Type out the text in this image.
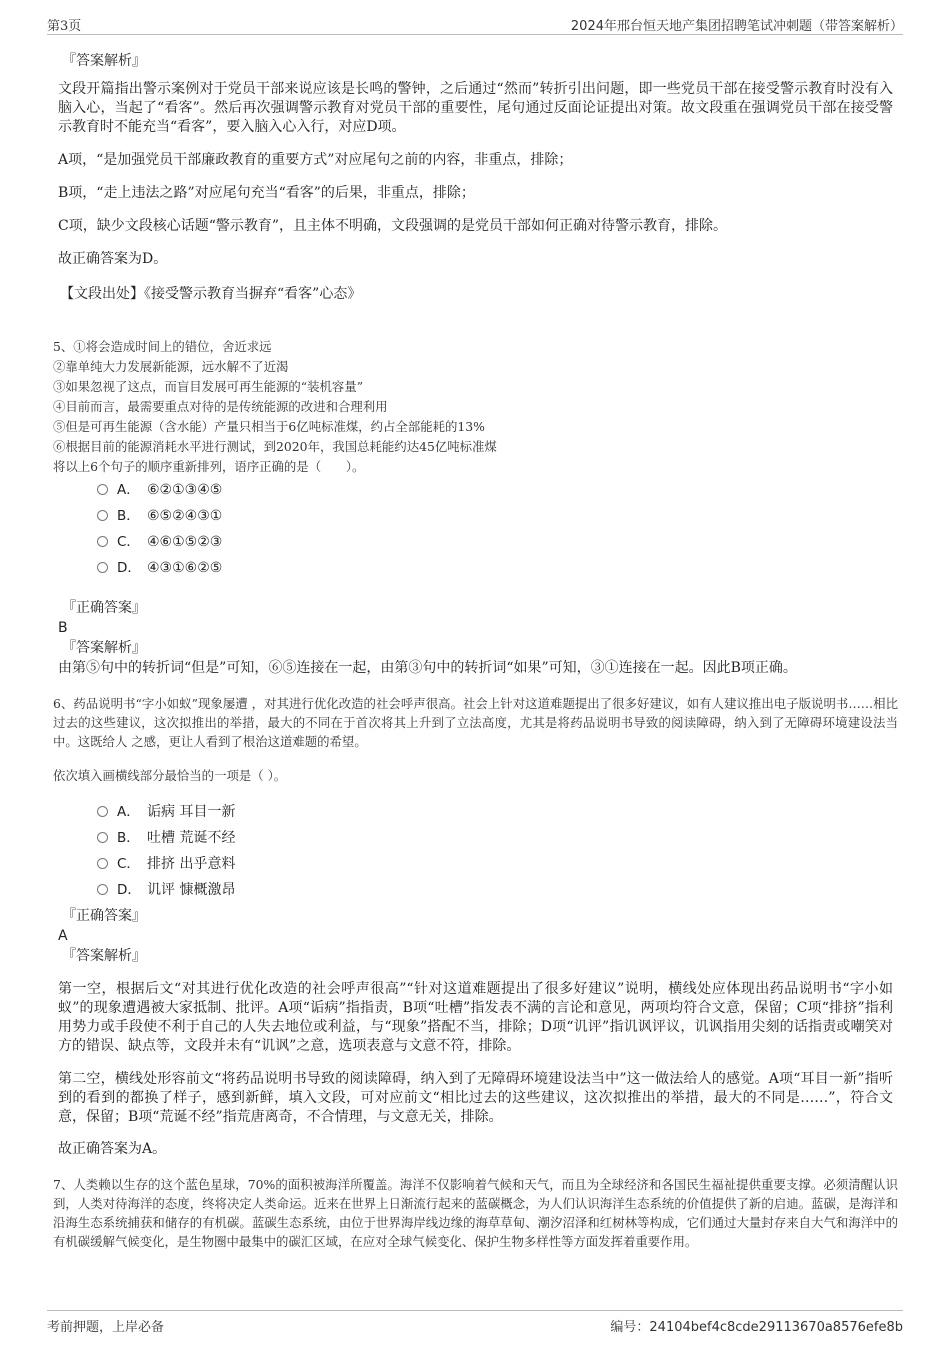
第3页	2024年邢台恒天地产集团招聘笔试冲刺题（带答案解析）

『答案解析』

文段开篇指出警示案例对于党员干部来说应该是长鸣的警钟，之后通过“然而”转折引出问题，即一些党员干部在接受警示教育时没有入脑入心，当起了“看客”。然后再次强调警示教育对党员干部的重要性，尾句通过反面论证提出对策。故文段重在强调党员干部在接受警示教育时不能充当“看客”，要入脑入心入行，对应D项。

A项，“是加强党员干部廉政教育的重要方式”对应尾句之前的内容，非重点，排除；

B项，“走上违法之路”对应尾句充当“看客”的后果，非重点，排除；

C项，缺少文段核心话题“警示教育”，且主体不明确，文段强调的是党员干部如何正确对待警示教育，排除。

故正确答案为D。

【文段出处】《接受警示教育当摒弃“看客”心态》

5、①将会造成时间上的错位，舍近求远

②靠单纯大力发展新能源，远水解不了近渴

③如果忽视了这点，而盲目发展可再生能源的“装机容量”

④目前而言，最需要重点对待的是传统能源的改进和合理利用

⑤但是可再生能源（含水能）产量只相当于6亿吨标准煤，约占全部能耗的13%

⑥根据目前的能源消耗水平进行测试，到2020年，我国总耗能约达45亿吨标准煤

将以上6个句子的顺序重新排列，语序正确的是（　　）。

A． ⑥②①③④⑤
B． ⑥⑤②④③①
C． ④⑥①⑤②③
D． ④③①⑥②⑤

『正确答案』

B

『答案解析』

由第⑤句中的转折词“但是”可知，⑥⑤连接在一起，由第③句中的转折词“如果”可知，③①连接在一起。因此B项正确。

6、药品说明书“字小如蚁”现象屡遭 ，对其进行优化改造的社会呼声很高。社会上针对这道难题提出了很多好建议，如有人建议推出电子版说明书……相比过去的这些建议，这次拟推出的举措，最大的不同在于首次将其上升到了立法高度，尤其是将药品说明书导致的阅读障碍，纳入到了无障碍环境建设法当中。这既给人 之感，更让人看到了根治这道难题的希望。

依次填入画横线部分最恰当的一项是（ ）。

A． 诟病 耳目一新
B． 吐槽 荒诞不经
C． 排挤 出乎意料
D． 讥评 慷概激昂

『正确答案』

A

『答案解析』

第一空，根据后文“对其进行优化改造的社会呼声很高”“针对这道难题提出了很多好建议”说明，横线处应体现出药品说明书“字小如蚁”的现象遭遇被大家抵制、批评。A项“诟病”指指责，B项“吐槽”指发表不满的言论和意见，两项均符合文意，保留；C项“排挤”指利用势力或手段使不利于自己的人失去地位或利益，与“现象”搭配不当，排除；D项“讥评”指讥讽评议，讥讽指用尖刻的话指责或嘲笑对方的错误、缺点等，文段并未有“讥讽”之意，选项表意与文意不符，排除。

第二空，横线处形容前文“将药品说明书导致的阅读障碍，纳入到了无障碍环境建设法当中”这一做法给人的感觉。A项“耳目一新”指听到的看到的都换了样子，感到新鲜，填入文段，可对应前文“相比过去的这些建议，这次拟推出的举措，最大的不同是……”，符合文意，保留；B项“荒诞不经”指荒唐离奇，不合情理，与文意无关，排除。

故正确答案为A。

7、人类赖以生存的这个蓝色星球，70%的面积被海洋所覆盖。海洋不仅影响着气候和天气，而且为全球经济和各国民生福祉提供重要支撑。必须清醒认识到，人类对待海洋的态度，终将决定人类命运。近来在世界上日渐流行起来的蓝碳概念，为人们认识海洋生态系统的价值提供了新的启迪。蓝碳，是海洋和沿海生态系统捕获和储存的有机碳。蓝碳生态系统，由位于世界海岸线边缘的海草草甸、潮汐沼泽和红树林等构成，它们通过大量封存来自大气和海洋中的有机碳缓解气候变化，是生物圈中最集中的碳汇区域，在应对全球气候变化、保护生物多样性等方面发挥着重要作用。

考前押题，上岸必备	编号：24104bef4c8cde29113670a8576efe8b
